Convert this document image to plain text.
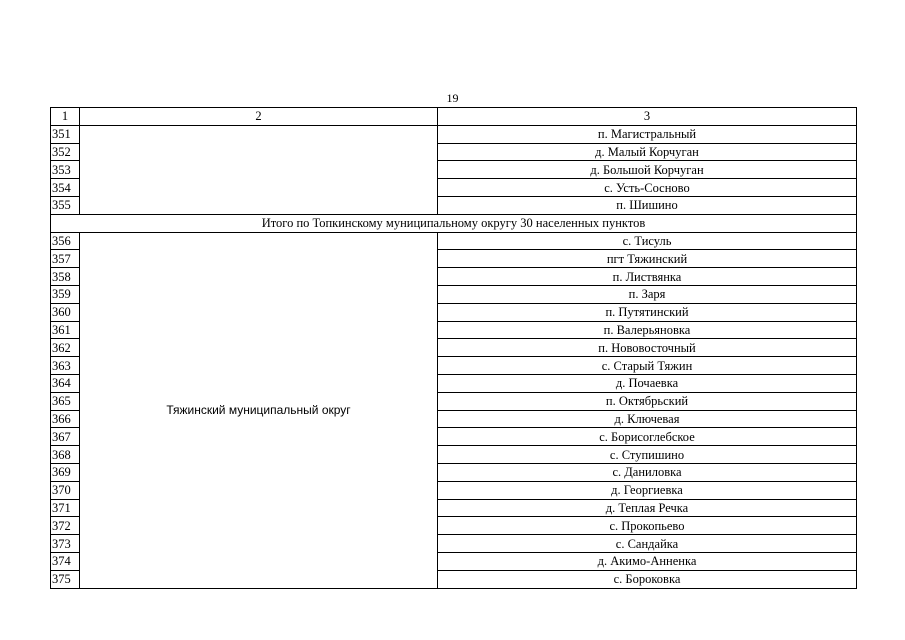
19
1	2	3
351		п. Магистральный
352		д. Малый Корчуган
353		д. Большой Корчуган
354		с. Усть-Сосново
355		п. Шишино
Итого по Топкинскому муниципальному округу 30 населенных пунктов		
356	Тяжинский муниципальный округ	с. Тисуль
357		пгт Тяжинский
358		п. Листвянка
359		п. Заря
360		п. Путятинский
361		п. Валерьяновка
362		п. Нововосточный
363		с. Старый Тяжин
364		д. Почаевка
365		п. Октябрьский
366		д. Ключевая
367		с. Борисоглебское
368		с. Ступишино
369		с. Даниловка
370		д. Георгиевка
371		д. Теплая Речка
372		с. Прокопьево
373		с. Сандайка
374		д. Акимо-Анненка
375		с. Бороковка
